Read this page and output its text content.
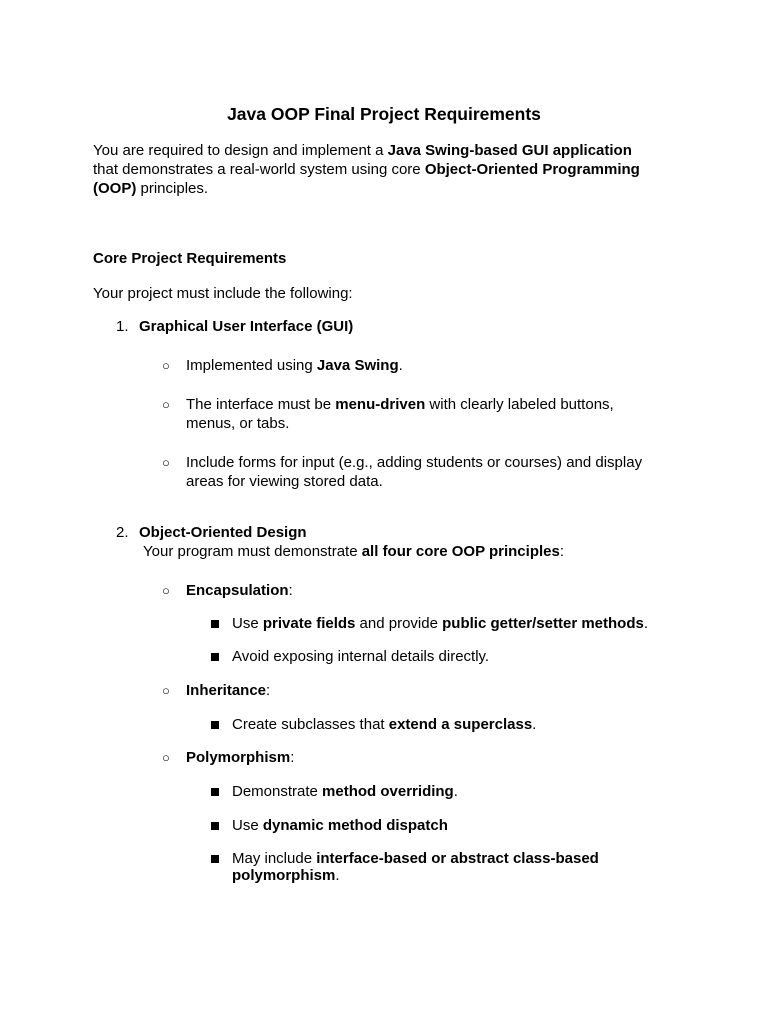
Java OOP Final Project Requirements
You are required to design and implement a Java Swing-based GUI application
that demonstrates a real-world system using core Object-Oriented Programming
(OOP) principles.
Core Project Requirements
Your project must include the following:
1. Graphical User Interface (GUI)
○ Implemented using Java Swing.
○ The interface must be menu-driven with clearly labeled buttons,
menus, or tabs.
○ Include forms for input (e.g., adding students or courses) and display
areas for viewing stored data.
2. Object-Oriented Design
Your program must demonstrate all four core OOP principles:
○ Encapsulation:
Use private fields and provide public getter/setter methods.
Avoid exposing internal details directly.
○ Inheritance:
Create subclasses that extend a superclass.
○ Polymorphism:
Demonstrate method overriding.
Use dynamic method dispatch
May include interface-based or abstract class-based
polymorphism.
